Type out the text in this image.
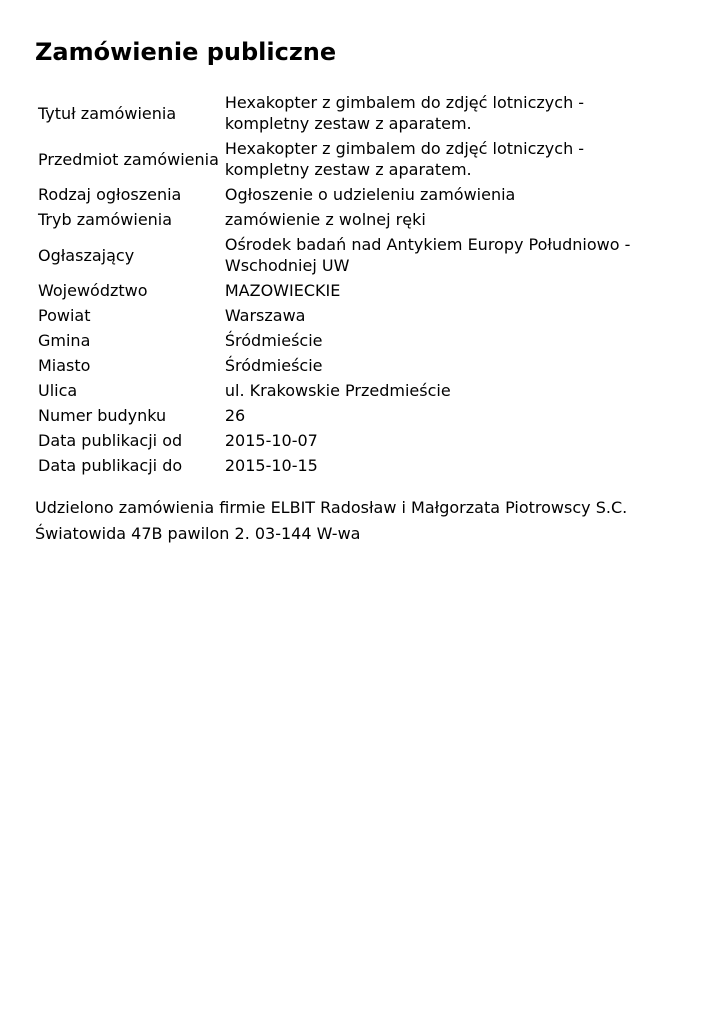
Zamówienie publiczne
Tytuł zamówienia	Hexakopter z gimbalem do zdjęć lotniczych - kompletny zestaw z aparatem.
Przedmiot zamówienia	Hexakopter z gimbalem do zdjęć lotniczych - kompletny zestaw z aparatem.
Rodzaj ogłoszenia	Ogłoszenie o udzieleniu zamówienia
Tryb zamówienia	zamówienie z wolnej ręki
Ogłaszający	Ośrodek badań nad Antykiem Europy Południowo - Wschodniej UW
Województwo	MAZOWIECKIE
Powiat	Warszawa
Gmina	Śródmieście
Miasto	Śródmieście
Ulica	ul. Krakowskie Przedmieście
Numer budynku	26
Data publikacji od	2015-10-07
Data publikacji do	2015-10-15

Udzielono zamówienia firmie ELBIT Radosław i Małgorzata Piotrowscy S.C. Światowida 47B pawilon 2. 03-144 W-wa
